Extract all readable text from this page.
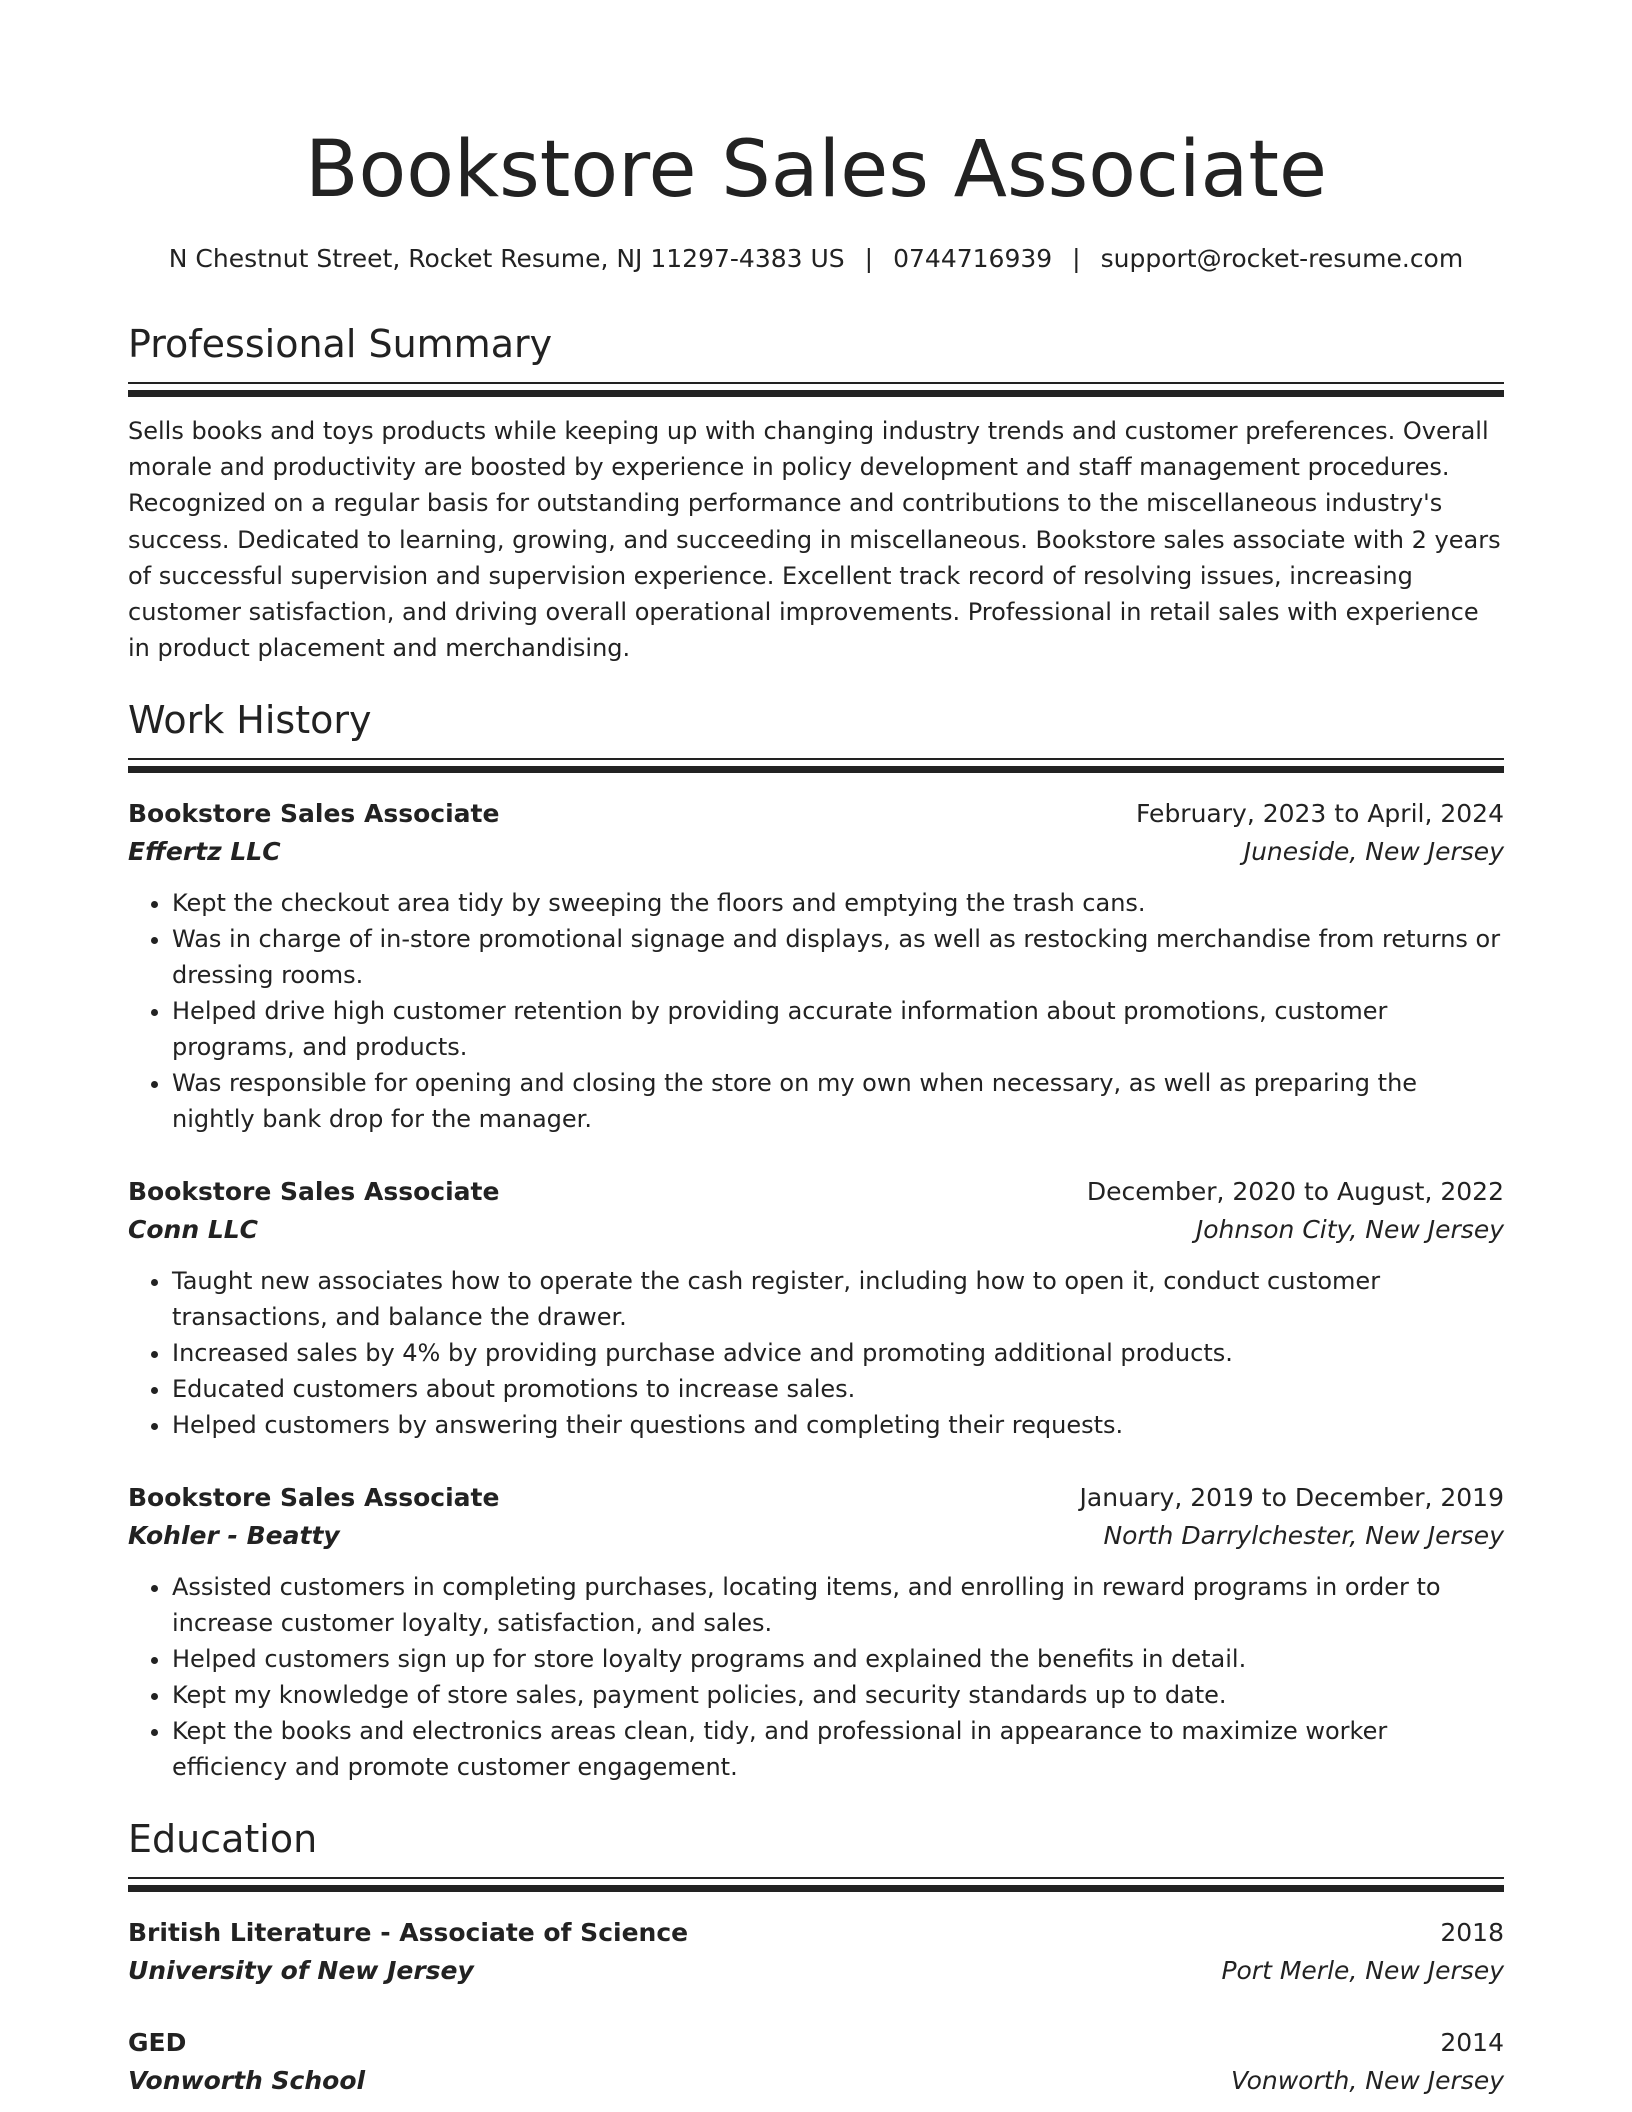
Bookstore Sales Associate
N Chestnut Street, Rocket Resume, NJ 11297-4383 US | 0744716939 | support@rocket-resume.com
Professional Summary

Sells books and toys products while keeping up with changing industry trends and customer preferences. Overall morale and productivity are boosted by experience in policy development and staff management procedures. Recognized on a regular basis for outstanding performance and contributions to the miscellaneous industry's success. Dedicated to learning, growing, and succeeding in miscellaneous. Bookstore sales associate with 2 years of successful supervision and supervision experience. Excellent track record of resolving issues, increasing customer satisfaction, and driving overall operational improvements. Professional in retail sales with experience in product placement and merchandising.

Work History
Bookstore Sales Associate	February, 2023 to April, 2024
Effertz LLC	Juneside, New Jersey
• Kept the checkout area tidy by sweeping the floors and emptying the trash cans.
• Was in charge of in-store promotional signage and displays, as well as restocking merchandise from returns or dressing rooms.
• Helped drive high customer retention by providing accurate information about promotions, customer programs, and products.
• Was responsible for opening and closing the store on my own when necessary, as well as preparing the nightly bank drop for the manager.
Bookstore Sales Associate	December, 2020 to August, 2022
Conn LLC	Johnson City, New Jersey
• Taught new associates how to operate the cash register, including how to open it, conduct customer transactions, and balance the drawer.
• Increased sales by 4% by providing purchase advice and promoting additional products.
• Educated customers about promotions to increase sales.
• Helped customers by answering their questions and completing their requests.
Bookstore Sales Associate	January, 2019 to December, 2019
Kohler - Beatty	North Darrylchester, New Jersey
• Assisted customers in completing purchases, locating items, and enrolling in reward programs in order to increase customer loyalty, satisfaction, and sales.
• Helped customers sign up for store loyalty programs and explained the benefits in detail.
• Kept my knowledge of store sales, payment policies, and security standards up to date.
• Kept the books and electronics areas clean, tidy, and professional in appearance to maximize worker efficiency and promote customer engagement.
Education
British Literature - Associate of Science	2018
University of New Jersey	Port Merle, New Jersey
GED	2014
Vonworth School	Vonworth, New Jersey
